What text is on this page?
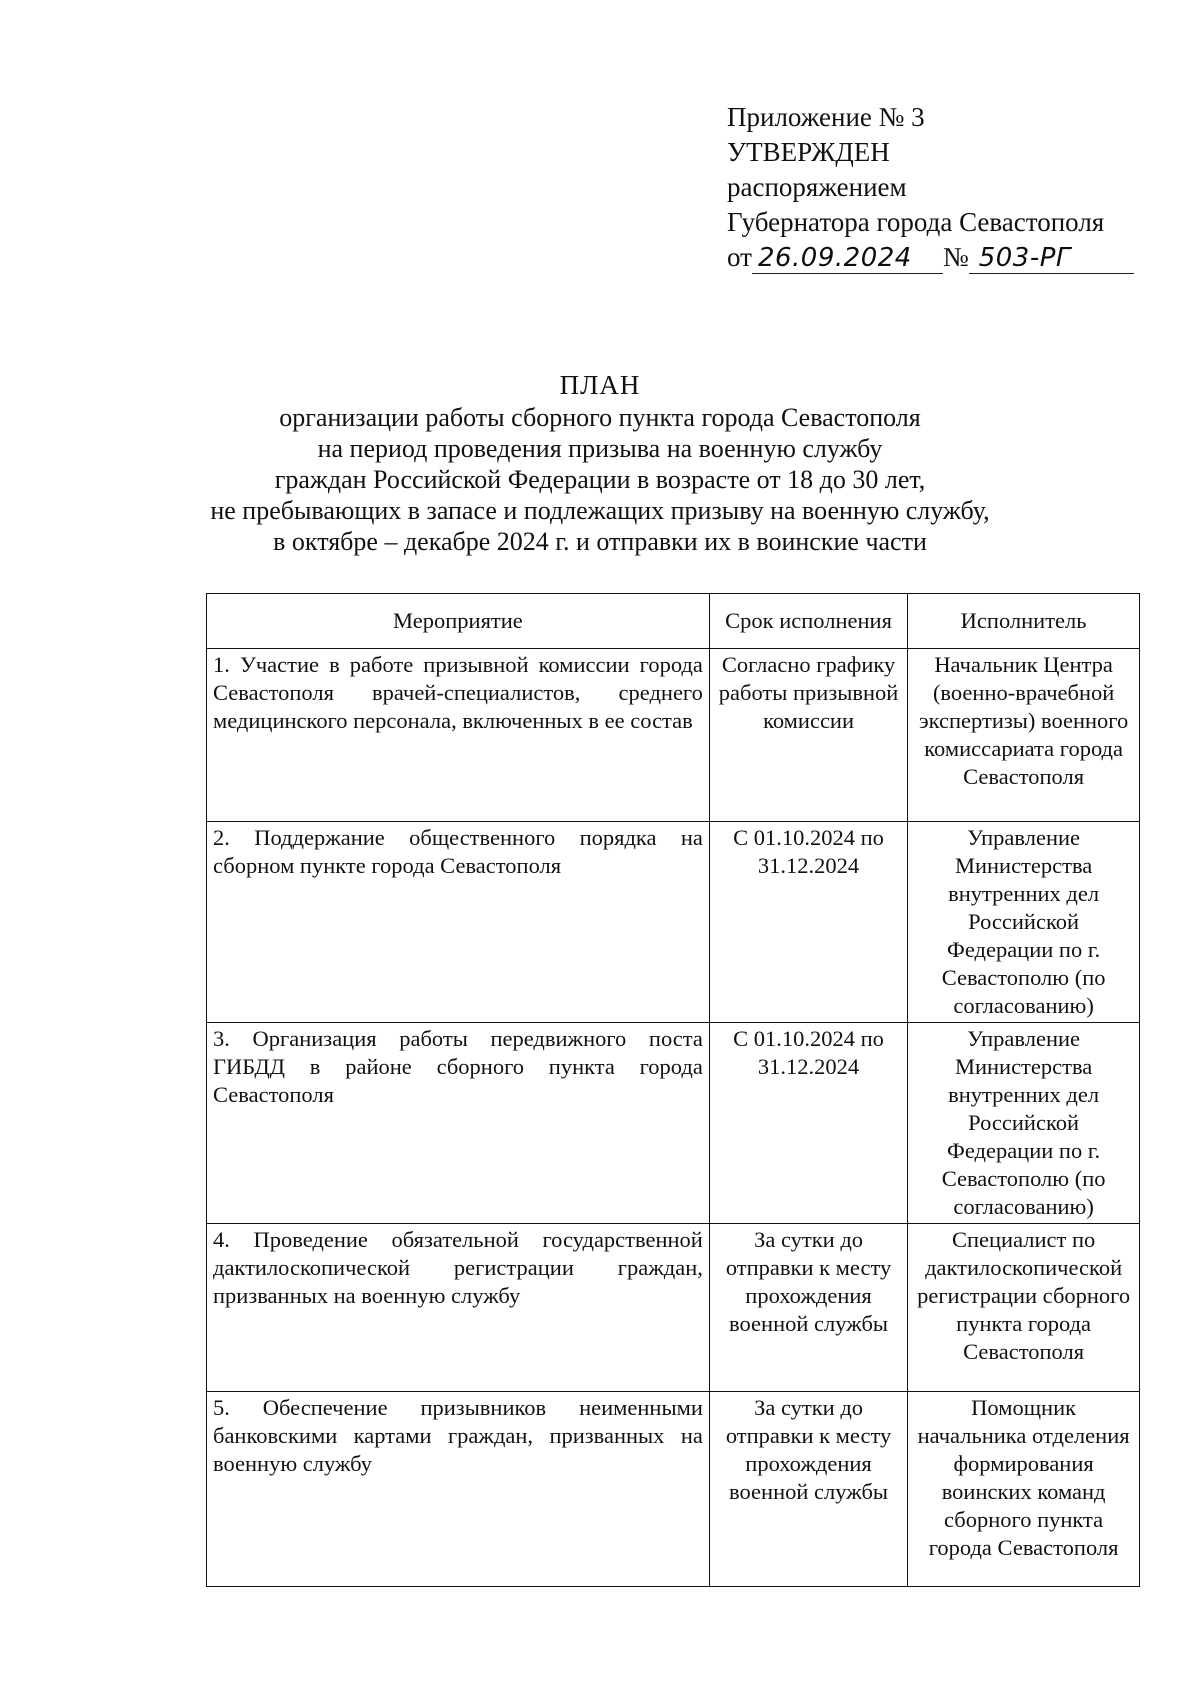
Приложение № 3
УТВЕРЖДЕН
распоряжением
Губернатора города Севастополя
от 26.09.2024 № 503-РГ
ПЛАН
организации работы сборного пункта города Севастополя
на период проведения призыва на военную службу
граждан Российской Федерации в возрасте от 18 до 30 лет,
не пребывающих в запасе и подлежащих призыву на военную службу,
в октябре – декабре 2024 г. и отправки их в воинские части
Мероприятие	Срок исполнения	Исполнитель
1. Участие в работе призывной комиссии города Севастополя врачей-специалистов, среднего медицинского персонала, включенных в ее состав	Согласно графику работы призывной комиссии	Начальник Центра (военно-врачебной экспертизы) военного комиссариата города Севастополя
2. Поддержание общественного порядка на сборном пункте города Севастополя	С 01.10.2024 по 31.12.2024	Управление Министерства внутренних дел Российской Федерации по г. Севастополю (по согласованию)
3. Организация работы передвижного поста ГИБДД в районе сборного пункта города Севастополя	С 01.10.2024 по 31.12.2024	Управление Министерства внутренних дел Российской Федерации по г. Севастополю (по согласованию)
4. Проведение обязательной государственной дактилоскопической регистрации граждан, призванных на военную службу	За сутки до отправки к месту прохождения военной службы	Специалист по дактилоскопической регистрации сборного пункта города Севастополя
5. Обеспечение призывников неименными банковскими картами граждан, призванных на военную службу	За сутки до отправки к месту прохождения военной службы	Помощник начальника отделения формирования воинских команд сборного пункта города Севастополя
